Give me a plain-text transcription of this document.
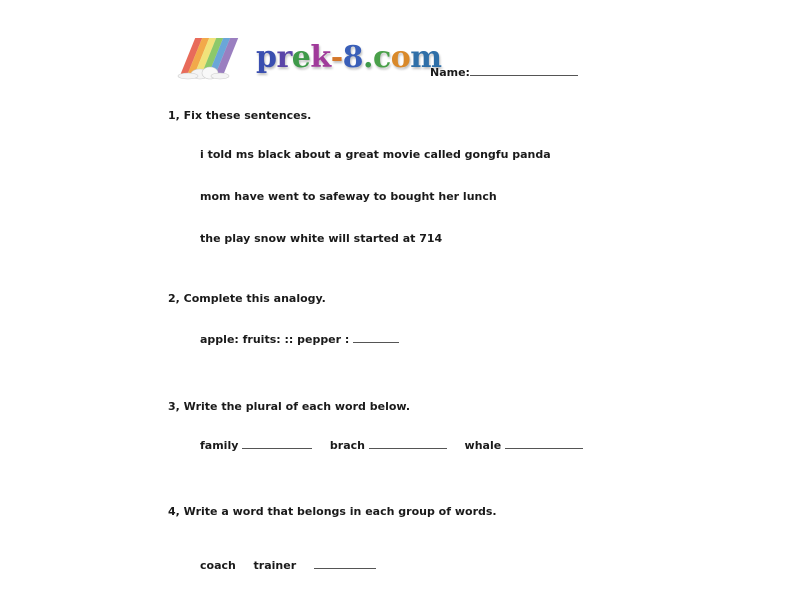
prek-8.com
Name:
1, Fix these sentences.
i told ms black about a great movie called gongfu panda
mom have went to safeway to bought her lunch
the play snow white will started at 714
2, Complete this analogy.
apple: fruits: :: pepper :
3, Write the plural of each word below.
family	brach	whale
4, Write a word that belongs in each group of words.
coach trainer
